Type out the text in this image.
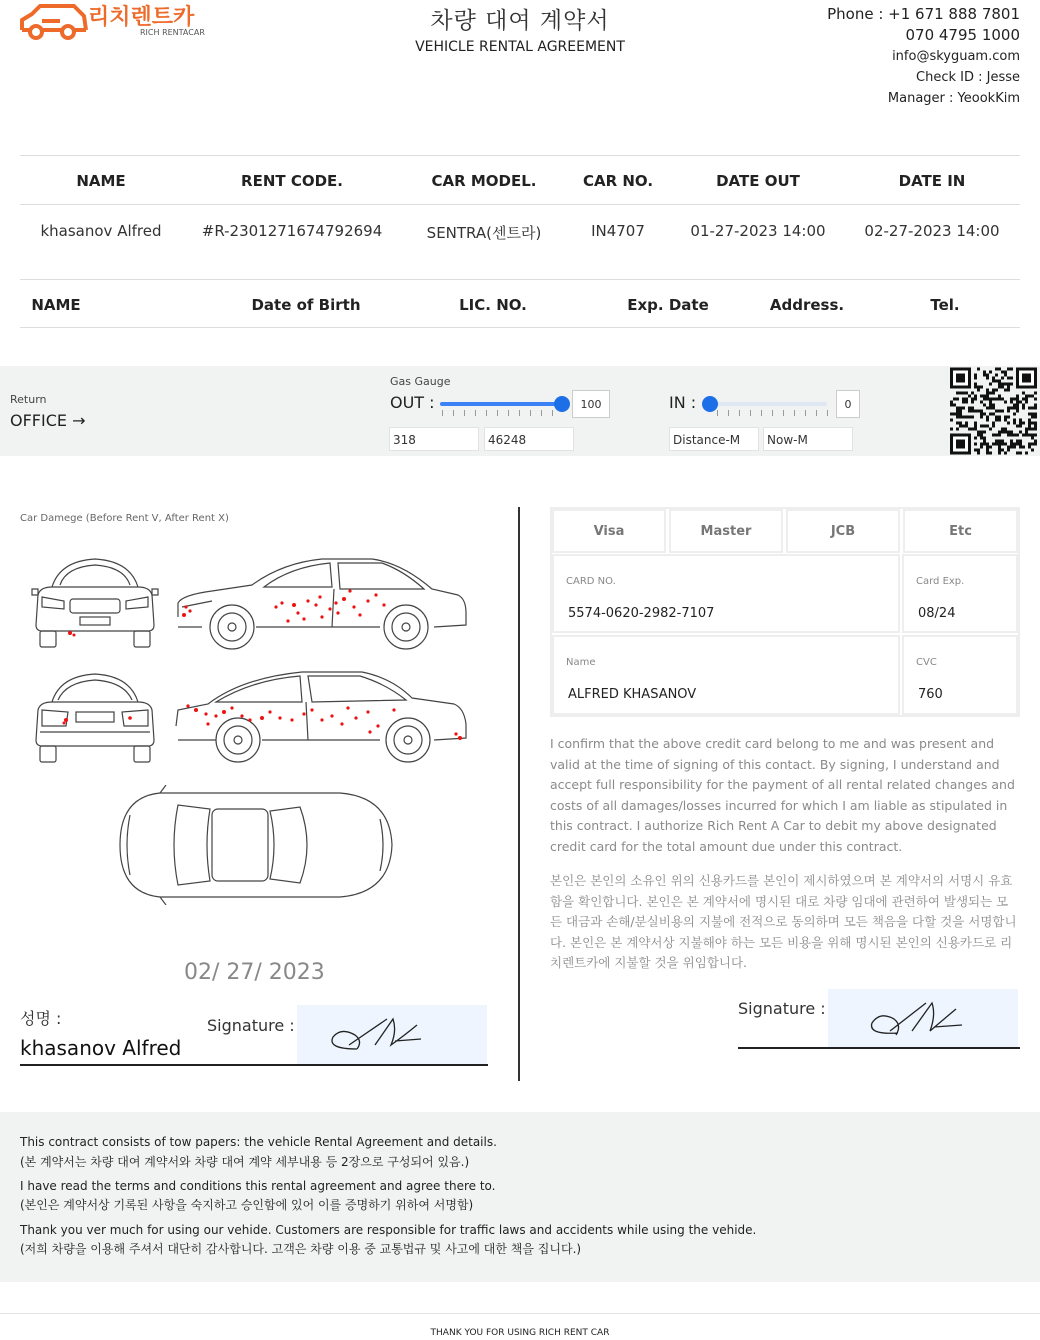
리치렌트카
RICH RENTACAR	차량 대여 계약서
VEHICLE RENTAL AGREEMENT
Phone : +1 671 888 7801
070 4795 1000
info@skyguam.com
Check ID : Jesse
Manager : YeookKim
NAME	RENT CODE.	CAR MODEL.	CAR NO.	DATE OUT	DATE IN
khasanov Alfred	#R-2301271674792694	SENTRA(센트라)	IN4707	01-27-2023 14:00	02-27-2023 14:00
NAME	Date of Birth	LIC. NO.	Exp. Date	Address.	Tel.
Return
OFFICE →
Gas Gauge
OUT :	100	IN :	0
318	46248	Distance-M	Now-M
Car Damege (Before Rent V, After Rent X)
02/ 27/ 2023
성명 :
khasanov Alfred
Signature :
Visa	Master	JCB	Etc
CARD NO.
5574-0620-2982-7107
Card Exp.
08/24
Name
ALFRED KHASANOV
CVC
760
I confirm that the above credit card belong to me and was present and valid at the time of signing of this contact. By signing, I understand and accept full responsibility for the payment of all rental related changes and costs of all damages/losses incurred for which I am liable as stipulated in this contract. I authorize Rich Rent A Car to debit my above designated credit card for the total amount due under this contract.
본인은 본인의 소유인 위의 신용카드를 본인이 제시하였으며 본 계약서의 서명시 유효함을 확인합니다. 본인은 본 계약서에 명시된 대로 차량 임대에 관련하여 발생되는 모든 대금과 손해/분실비용의 지불에 전적으로 동의하며 모든 책음을 다할 것을 서명합니다. 본인은 본 계약서상 지불해야 하는 모든 비용을 위해 명시된 본인의 신용카드로 리치렌트카에 지불할 것을 위임합니다.
Signature :
This contract consists of tow papers: the vehicle Rental Agreement and details.
(본 계약서는 차량 대여 계약서와 차량 대여 계약 세부내용 등 2장으로 구성되어 있음.)
I have read the terms and conditions this rental agreement and agree there to.
(본인은 계약서상 기록된 사항을 숙지하고 승인함에 있어 이를 증명하기 위하여 서명함)
Thank you ver much for using our vehide. Customers are responsible for traffic laws and accidents while using the vehide.
(저희 차량을 이용해 주셔서 대단히 감사합니다. 고객은 차량 이용 중 교통법규 및 사고에 대한 책을 집니다.)
THANK YOU FOR USING RICH RENT CAR
